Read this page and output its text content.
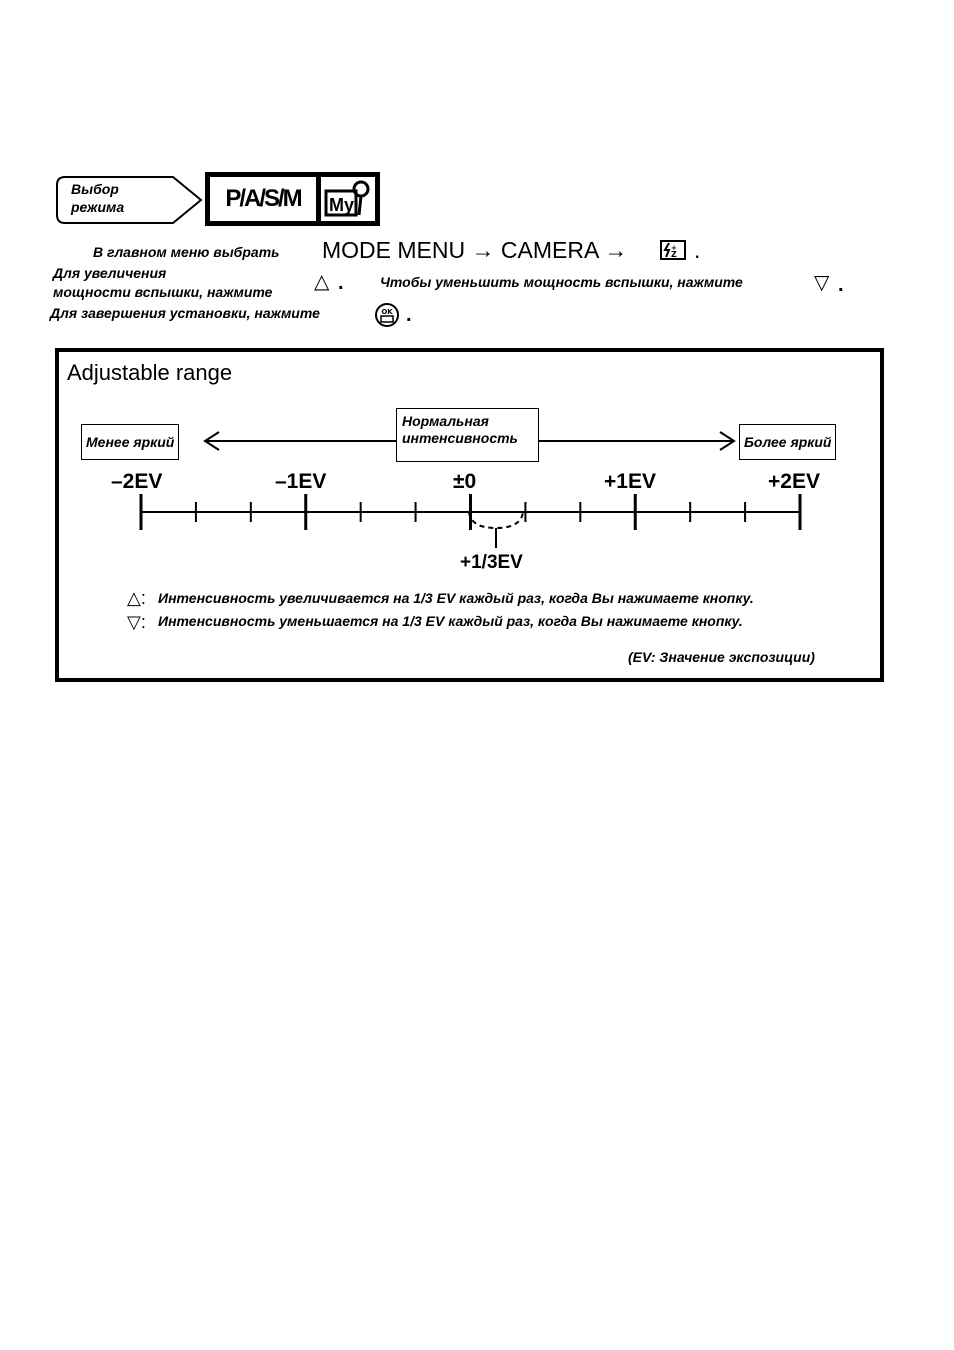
Выбор
режима	P/A/S/M	My
В главном меню выбрать MODE MENU → CAMERA →	+
Z .
Для увеличения
мощности вспышки, нажмите △ .	Чтобы уменьшить мощность вспышки, нажмите	▽ .
Для завершения установки, нажмите	OK .
Adjustable range
Менее яркий
Нормальная
интенсивность	Более яркий
–2EV	–1EV	±0	+1EV	+2EV
+1/3EV
△: Интенсивность увеличивается на 1/3 EV каждый раз, когда Вы нажимаете кнопку.
▽: Интенсивность уменьшается на 1/3 EV каждый раз, когда Вы нажимаете кнопку.
(EV: Значение экспозиции)
